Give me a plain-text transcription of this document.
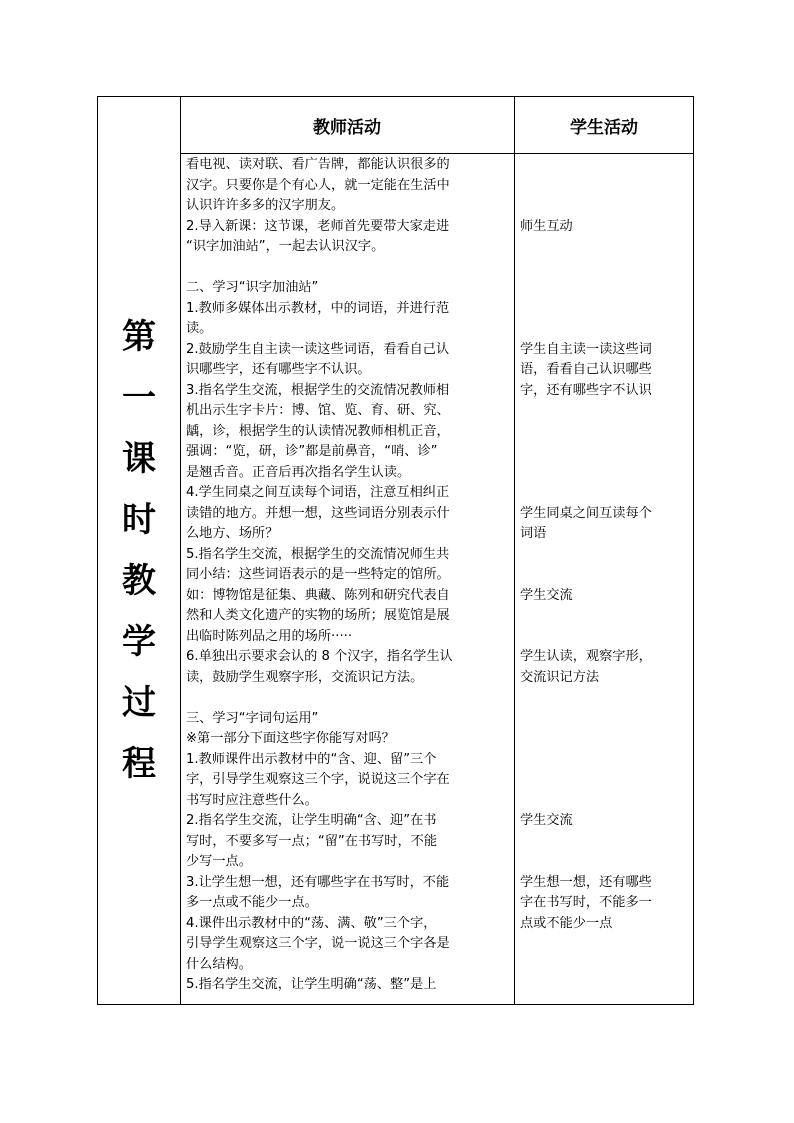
第
一
课
时
教
学
过
程
教师活动	学生活动
看电视、读对联、看广告牌，都能认识很多的
汉字。只要你是个有心人，就一定能在生活中
认识许许多多的汉字朋友。
2.导入新课：这节课，老师首先要带大家走进
“识字加油站”，一起去认识汉字。
二、学习“识字加油站”
1.教师多媒体出示教材，中的词语，并进行范
读。
2.鼓励学生自主读一读这些词语，看看自己认
识哪些字，还有哪些字不认识。
3.指名学生交流，根据学生的交流情况教师相
机出示生字卡片：博、馆、览、育、研、究、
龋，诊，根据学生的认读情况教师相机正音，
强调：“览，研，诊”都是前鼻音，“哨、诊”
是翘舌音。正音后再次指名学生认读。
4.学生同桌之间互读每个词语，注意互相纠正
读错的地方。并想一想，这些词语分别表示什
么地方、场所？
5.指名学生交流，根据学生的交流情况师生共
同小结：这些词语表示的是一些特定的馆所。
如：博物馆是征集、典藏、陈列和研究代表自
然和人类文化遗产的实物的场所；展览馆是展
出临时陈列品之用的场所·····
6.单独出示要求会认的 8 个汉字，指名学生认
读，鼓励学生观察字形，交流识记方法。
三、学习“字词句运用”
※第一部分下面这些字你能写对吗？
1.教师课件出示教材中的“含、迎、留”三个
字，引导学生观察这三个字，说说这三个字在
书写时应注意些什么。
2.指名学生交流，让学生明确“含、迎”在书
写时，不要多写一点；“留”在书写时，不能
少写一点。
3.让学生想一想，还有哪些字在书写时，不能
多一点或不能少一点。
4.课件出示教材中的“荡、满、敬”三个字，
引导学生观察这三个字，说一说这三个字各是
什么结构。
5.指名学生交流，让学生明确“荡、整”是上
师生互动
学生自主读一读这些词
语，看看自己认识哪些
字，还有哪些字不认识
学生同桌之间互读每个
词语
学生交流
学生认读，观察字形，
交流识记方法
学生交流
学生想一想，还有哪些
字在书写时，不能多一
点或不能少一点
